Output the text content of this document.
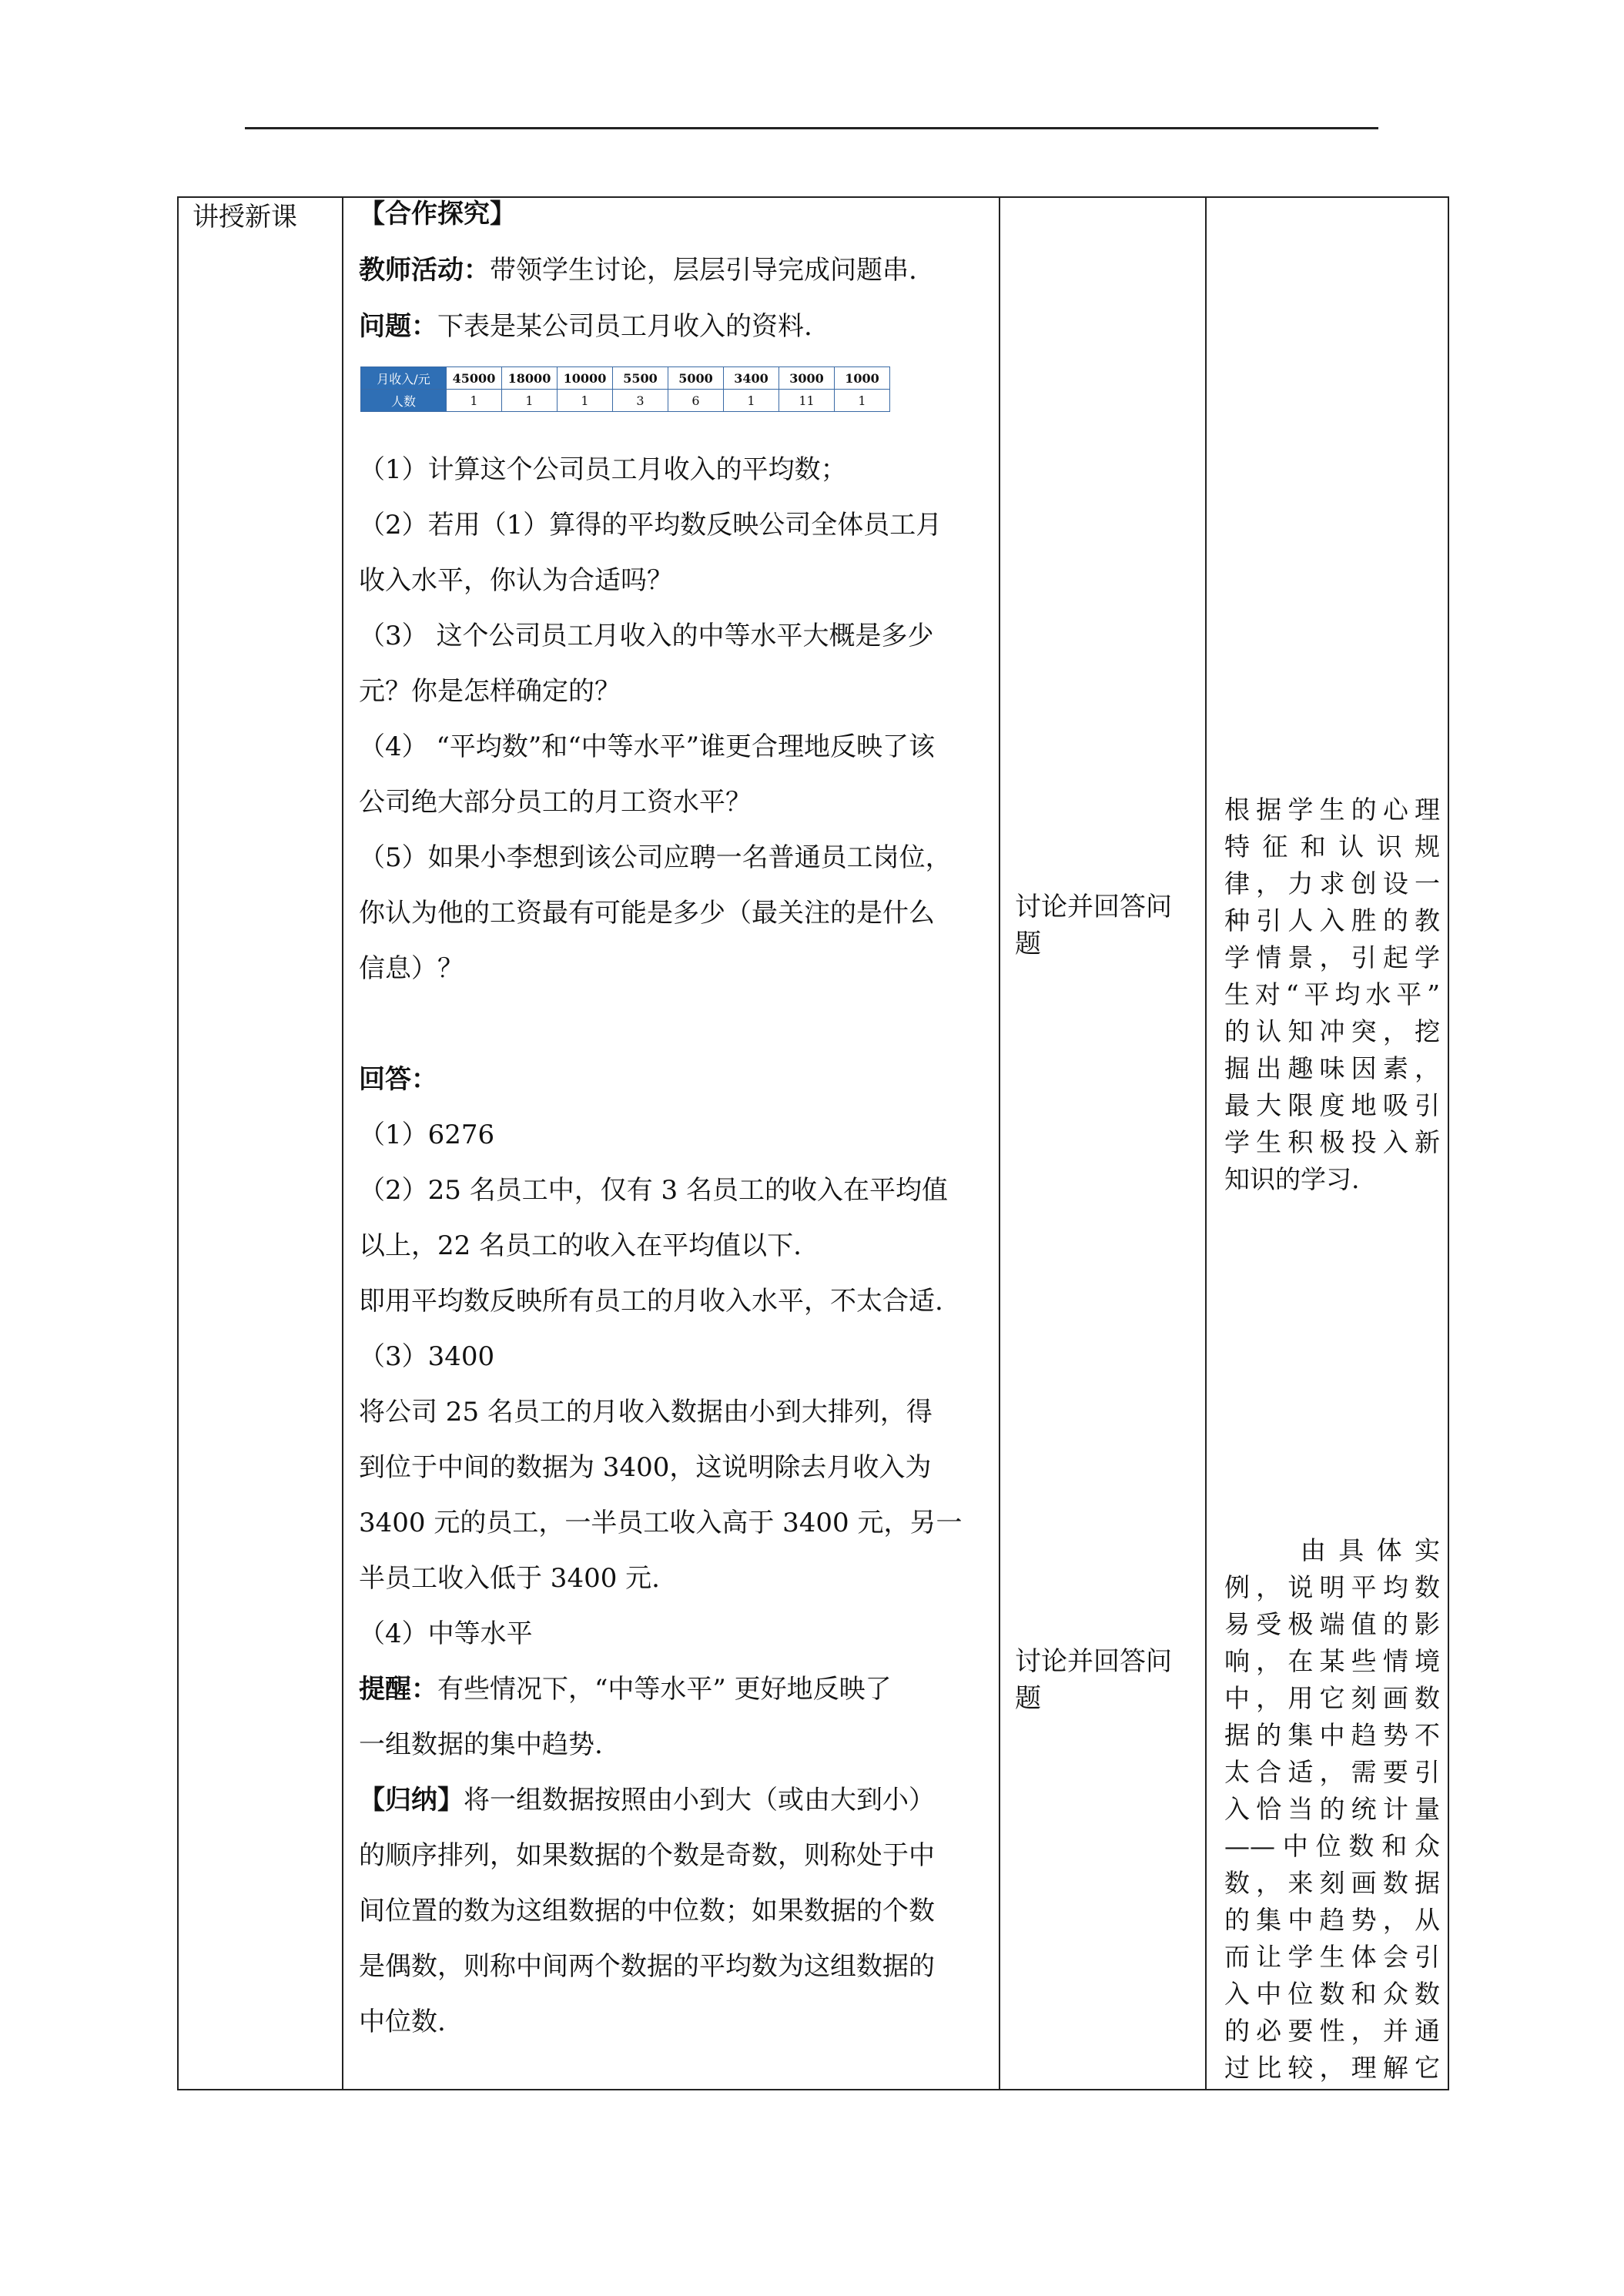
讲授新课 【合作探究】
教师活动：带领学生讨论，层层引导完成问题串.
问题：下表是某公司员工月收入的资料.
月收入/元	45000	18000	10000	5500	5000	3400	3000	1000
人数	1	1	1	3	6	1	11	1
（1）计算这个公司员工月收入的平均数；
（2）若用（1）算得的平均数反映公司全体员工月
收入水平，你认为合适吗？
（3） 这个公司员工月收入的中等水平大概是多少
元？你是怎样确定的？
（4） “平均数”和“中等水平”谁更合理地反映了该
公司绝大部分员工的月工资水平？
（5）如果小李想到该公司应聘一名普通员工岗位，
你认为他的工资最有可能是多少（最关注的是什么
信息）？
回答：
（1）6276
（2）25 名员工中，仅有 3 名员工的收入在平均值
以上，22 名员工的收入在平均值以下.
即用平均数反映所有员工的月收入水平，不太合适.
（3）3400
将公司 25 名员工的月收入数据由小到大排列，得
到位于中间的数据为 3400，这说明除去月收入为
3400 元的员工，一半员工收入高于 3400 元，另一
半员工收入低于 3400 元.
（4）中等水平
提醒：有些情况下，“中等水平” 更好地反映了
一组数据的集中趋势.
【归纳】将一组数据按照由小到大（或由大到小）
的顺序排列，如果数据的个数是奇数，则称处于中
间位置的数为这组数据的中位数；如果数据的个数
是偶数，则称中间两个数据的平均数为这组数据的
中位数.
讨论并回答问
题
讨论并回答问
题
根据学生的心理
特征和认识规
律，力求创设一
种引人入胜的教
学情景，引起学
生对“平均水平”
的认知冲突，挖
掘出趣味因素，
最大限度地吸引
学生积极投入新
知识的学习.
　　由具体实
例，说明平均数
易受极端值的影
响，在某些情境
中，用它刻画数
据的集中趋势不
太合适，需要引
入恰当的统计量
——中位数和众
数，来刻画数据
的集中趋势，从
而让学生体会引
入中位数和众数
的必要性，并通
过比较，理解它
